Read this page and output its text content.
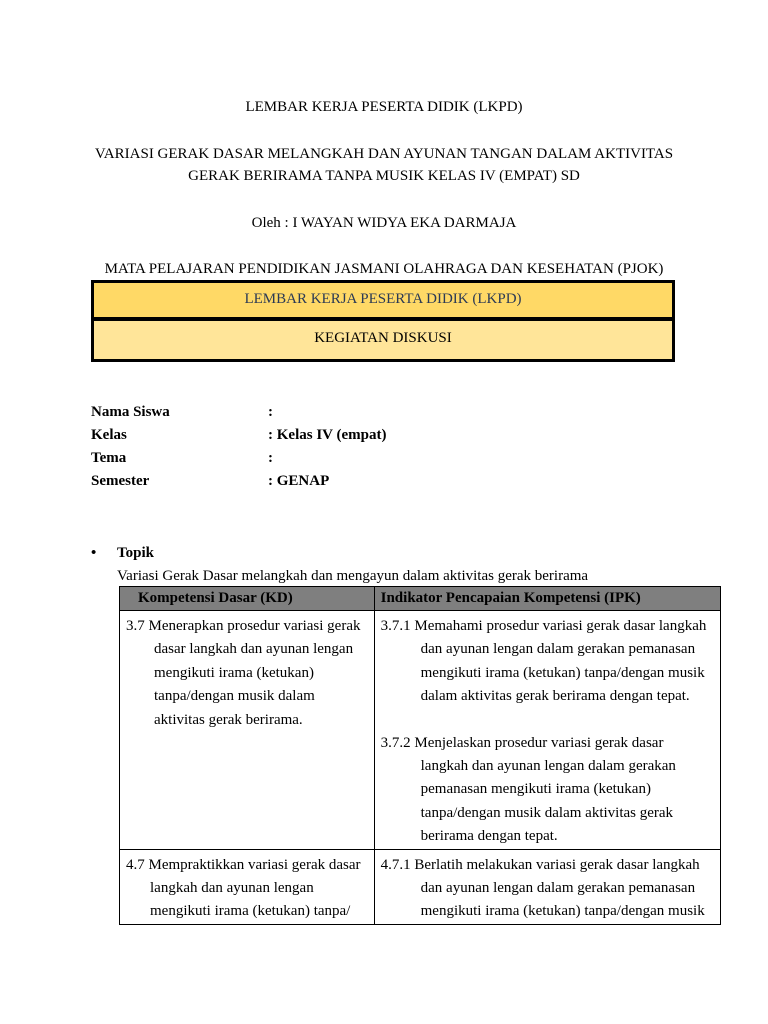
LEMBAR KERJA PESERTA DIDIK (LKPD)
VARIASI GERAK DASAR MELANGKAH DAN AYUNAN TANGAN DALAM AKTIVITAS
GERAK BERIRAMA TANPA MUSIK KELAS IV (EMPAT) SD
Oleh : I WAYAN WIDYA EKA DARMAJA
MATA PELAJARAN PENDIDIKAN JASMANI OLAHRAGA DAN KESEHATAN (PJOK)
LEMBAR KERJA PESERTA DIDIK (LKPD)
KEGIATAN DISKUSI
Nama Siswa	:
Kelas	: Kelas IV (empat)
Tema	:
Semester	: GENAP
• Topik
Variasi Gerak Dasar melangkah dan mengayun dalam aktivitas gerak berirama
Kompetensi Dasar (KD)	Indikator Pencapaian Kompetensi (IPK)

3.7 Menerapkan prosedur variasi gerak dasar langkah dan ayunan lengan mengikuti irama (ketukan) tanpa/dengan musik dalam aktivitas gerak berirama.	3.7.1 Memahami prosedur variasi gerak dasar langkah dan ayunan lengan dalam gerakan pemanasan mengikuti irama (ketukan) tanpa/dengan musik dalam aktivitas gerak berirama dengan tepat.
3.7.2 Menjelaskan prosedur variasi gerak dasar langkah dan ayunan lengan dalam gerakan pemanasan mengikuti irama (ketukan) tanpa/dengan musik dalam aktivitas gerak berirama dengan tepat.

4.7 Mempraktikkan variasi gerak dasar langkah dan ayunan lengan mengikuti irama (ketukan) tanpa/	4.7.1 Berlatih melakukan variasi gerak dasar langkah dan ayunan lengan dalam gerakan pemanasan mengikuti irama (ketukan) tanpa/dengan musik
